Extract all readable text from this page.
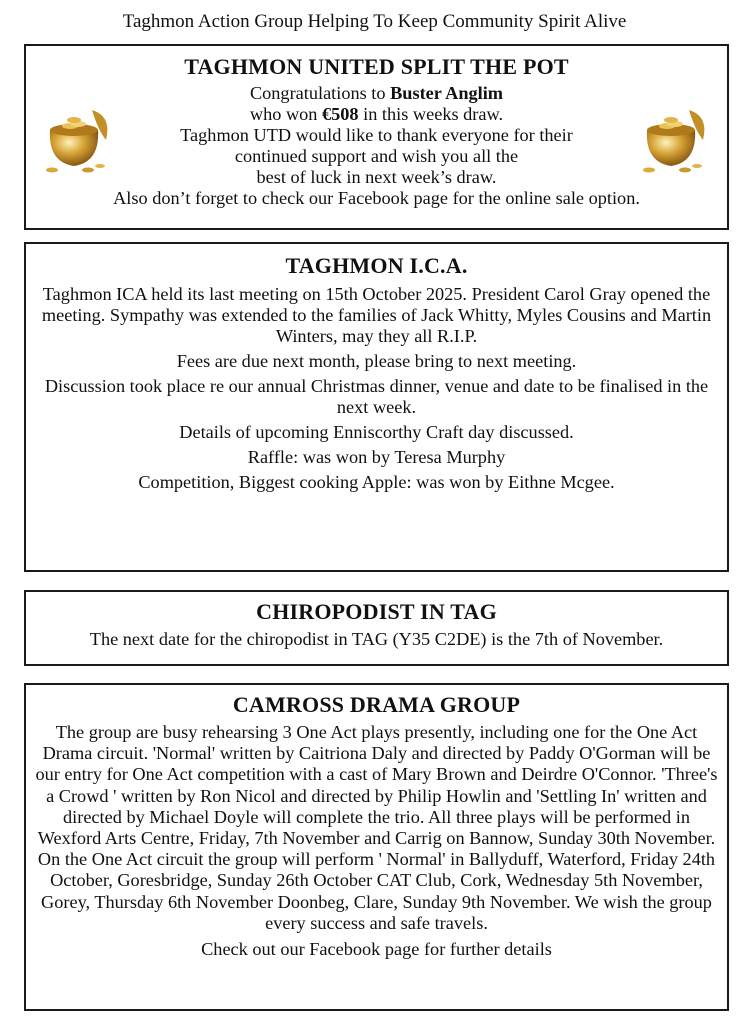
Taghmon Action Group Helping To Keep Community Spirit Alive
TAGHMON UNITED SPLIT THE POT

Congratulations to Buster Anglim

who won €508 in this weeks draw.

Taghmon UTD would like to thank everyone for their

continued support and wish you all the

best of luck in next week’s draw.

Also don’t forget to check our Facebook page for the online sale option.

TAGHMON I.C.A.

Taghmon ICA held its last meeting on 15th October 2025. President Carol Gray opened the meeting. Sympathy was extended to the families of Jack Whitty, Myles Cousins and Martin Winters, may they all R.I.P.

Fees are due next month, please bring to next meeting.

Discussion took place re our annual Christmas dinner, venue and date to be finalised in the next week.

Details of upcoming Enniscorthy Craft day discussed.

Raffle: was won by Teresa Murphy

Competition, Biggest cooking Apple: was won by Eithne Mcgee.

CHIROPODIST IN TAG

The next date for the chiropodist in TAG (Y35 C2DE) is the 7th of November.

CAMROSS DRAMA GROUP

The group are busy rehearsing 3 One Act plays presently, including one for the One Act Drama circuit. 'Normal' written by Caitriona Daly and directed by Paddy O'Gorman will be our entry for One Act competition with a cast of Mary Brown and Deirdre O'Connor. 'Three's a Crowd ' written by Ron Nicol and directed by Philip Howlin and 'Settling In' written and directed by Michael Doyle will complete the trio. All three plays will be performed in Wexford Arts Centre, Friday, 7th November and Carrig on Bannow, Sunday 30th November. On the One Act circuit the group will perform ' Normal' in Ballyduff, Waterford, Friday 24th October, Goresbridge, Sunday 26th October CAT Club, Cork, Wednesday 5th November, Gorey, Thursday 6th November Doonbeg, Clare, Sunday 9th November. We wish the group every success and safe travels.

Check out our Facebook page for further details
